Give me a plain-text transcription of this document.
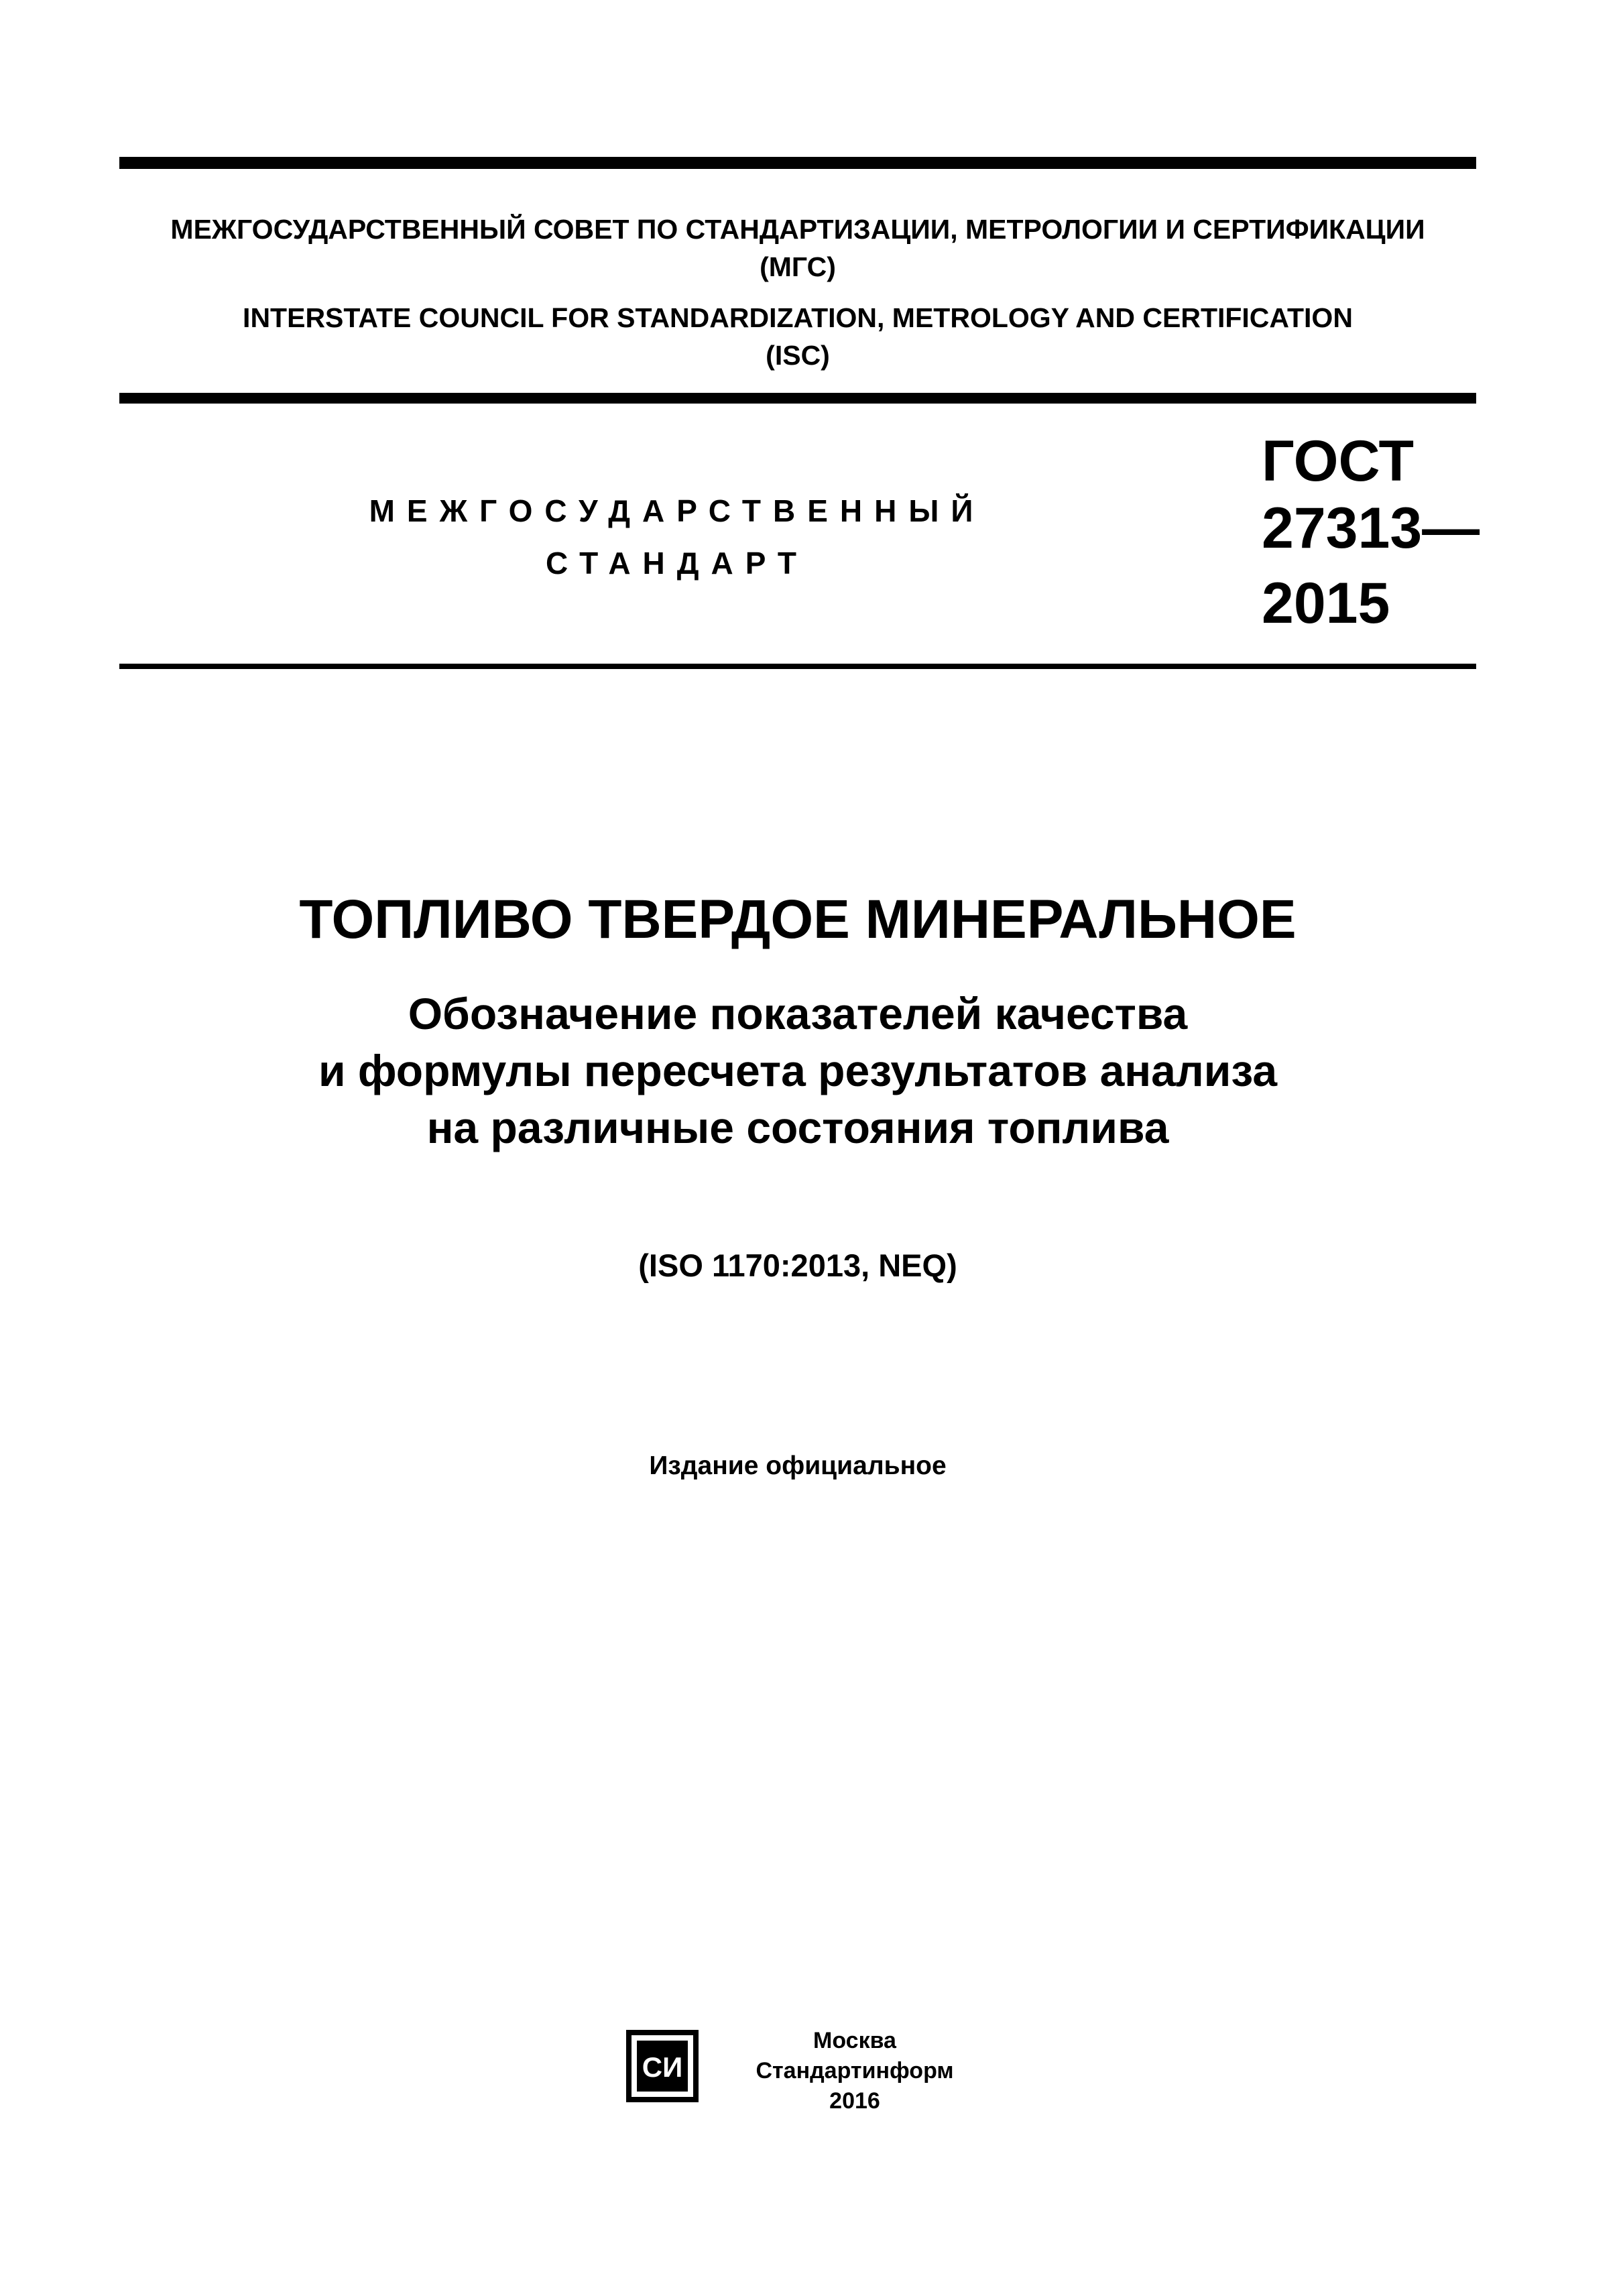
МЕЖГОСУДАРСТВЕННЫЙ СОВЕТ ПО СТАНДАРТИЗАЦИИ, МЕТРОЛОГИИ И СЕРТИФИКАЦИИ
(МГС)
INTERSTATE COUNCIL FOR STANDARDIZATION, METROLOGY AND CERTIFICATION
(ISC)
МЕЖГОСУДАРСТВЕННЫЙ
СТАНДАРТ
ГОСТ
27313—
2015
ТОПЛИВО ТВЕРДОЕ МИНЕРАЛЬНОЕ
Обозначение показателей качества
и формулы пересчета результатов анализа
на различные состояния топлива
(ISO 1170:2013, NEQ)
Издание официальное
СИ
Москва
Стандартинформ
2016
